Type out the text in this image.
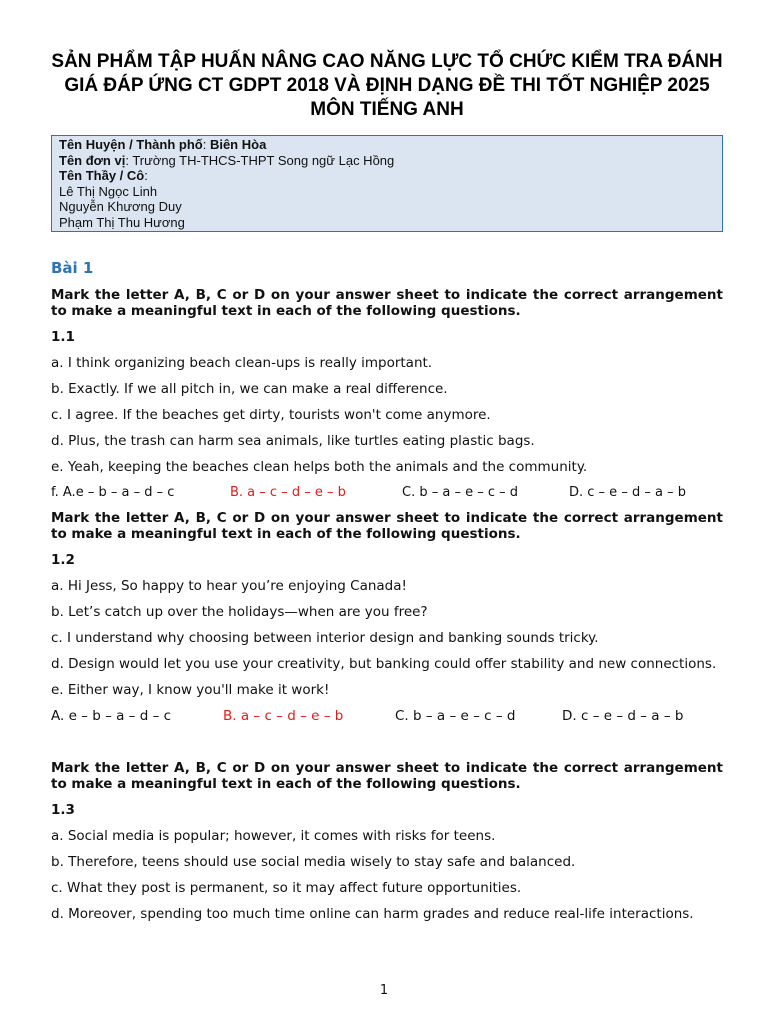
SẢN PHẨM TẬP HUẤN NÂNG CAO NĂNG LỰC TỔ CHỨC KIỂM TRA ĐÁNH GIÁ ĐÁP ỨNG CT GDPT 2018 VÀ ĐỊNH DẠNG ĐỀ THI TỐT NGHIỆP 2025 MÔN TIẾNG ANH
Tên Huyện / Thành phố: Biên Hòa
Tên đơn vị: Trường TH-THCS-THPT Song ngữ Lạc Hồng
Tên Thầy / Cô:
Lê Thị Ngọc Linh
Nguyễn Khương Duy
Phạm Thị Thu Hương
Bài 1

Mark the letter A, B, C or D on your answer sheet to indicate the correct arrangement to make a meaningful text in each of the following questions.

1.1

a. I think organizing beach clean-ups is really important.

b. Exactly. If we all pitch in, we can make a real difference.

c. I agree. If the beaches get dirty, tourists won't come anymore.

d. Plus, the trash can harm sea animals, like turtles eating plastic bags.

e. Yeah, keeping the beaches clean helps both the animals and the community.

f. A.e – b – a – d – c	B. a – c – d – e – b	C. b – a – e – c – d	D. c – e – d – a – b

Mark the letter A, B, C or D on your answer sheet to indicate the correct arrangement to make a meaningful text in each of the following questions.

1.2

a. Hi Jess, So happy to hear you’re enjoying Canada!

b. Let’s catch up over the holidays—when are you free?

c. I understand why choosing between interior design and banking sounds tricky.

d. Design would let you use your creativity, but banking could offer stability and new connections.

e. Either way, I know you'll make it work!

A. e – b – a – d – c	B. a – c – d – e – b	C. b – a – e – c – d	D. c – e – d – a – b

Mark the letter A, B, C or D on your answer sheet to indicate the correct arrangement to make a meaningful text in each of the following questions.

1.3

a. Social media is popular; however, it comes with risks for teens.

b. Therefore, teens should use social media wisely to stay safe and balanced.

c. What they post is permanent, so it may affect future opportunities.

d. Moreover, spending too much time online can harm grades and reduce real-life interactions.

1
